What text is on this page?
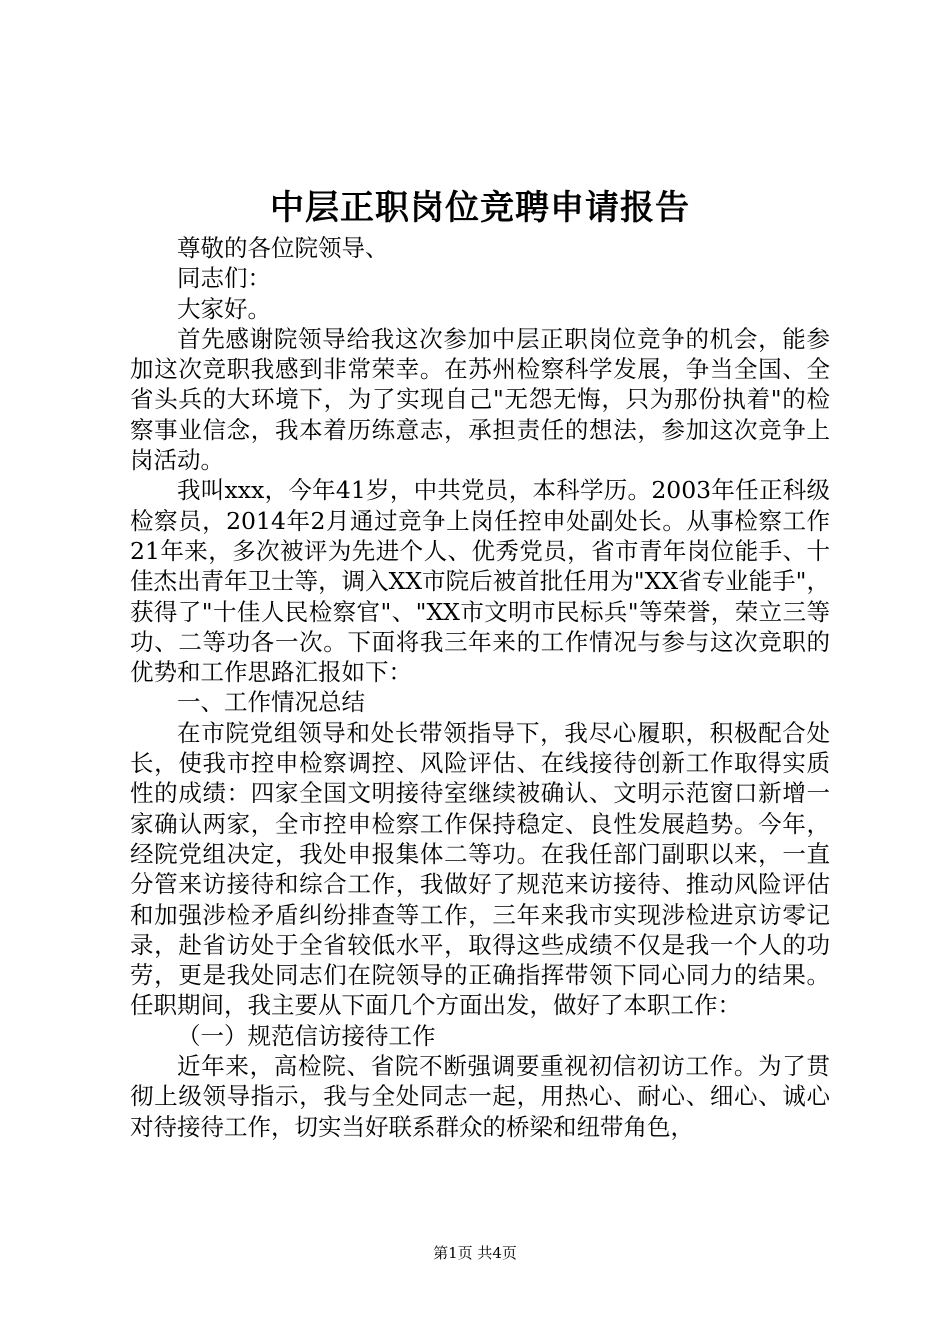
中层正职岗位竞聘申请报告

尊敬的各位院领导、

同志们：

大家好。

首先感谢院领导给我这次参加中层正职岗位竞争的机会，能参加这次竞职我感到非常荣幸。在苏州检察科学发展，争当全国、全省头兵的大环境下，为了实现自己"无怨无悔，只为那份执着"的检察事业信念，我本着历练意志，承担责任的想法，参加这次竞争上岗活动。

我叫xxx，今年41岁，中共党员，本科学历。2003年任正科级检察员，2014年2月通过竞争上岗任控申处副处长。从事检察工作21年来，多次被评为先进个人、优秀党员，省市青年岗位能手、十佳杰出青年卫士等，调入XX市院后被首批任用为"XX省专业能手"，获得了"十佳人民检察官"、"XX市文明市民标兵"等荣誉，荣立三等功、二等功各一次。下面将我三年来的工作情况与参与这次竞职的优势和工作思路汇报如下：

一、工作情况总结

在市院党组领导和处长带领指导下，我尽心履职，积极配合处长，使我市控申检察调控、风险评估、在线接待创新工作取得实质性的成绩：四家全国文明接待室继续被确认、文明示范窗口新增一家确认两家，全市控申检察工作保持稳定、良性发展趋势。今年，经院党组决定，我处申报集体二等功。在我任部门副职以来，一直分管来访接待和综合工作，我做好了规范来访接待、推动风险评估和加强涉检矛盾纠纷排查等工作，三年来我市实现涉检进京访零记录，赴省访处于全省较低水平，取得这些成绩不仅是我一个人的功劳，更是我处同志们在院领导的正确指挥带领下同心同力的结果。任职期间，我主要从下面几个方面出发，做好了本职工作：

（一）规范信访接待工作

近年来，高检院、省院不断强调要重视初信初访工作。为了贯彻上级领导指示，我与全处同志一起，用热心、耐心、细心、诚心对待接待工作，切实当好联系群众的桥梁和纽带角色，

第1页 共4页
